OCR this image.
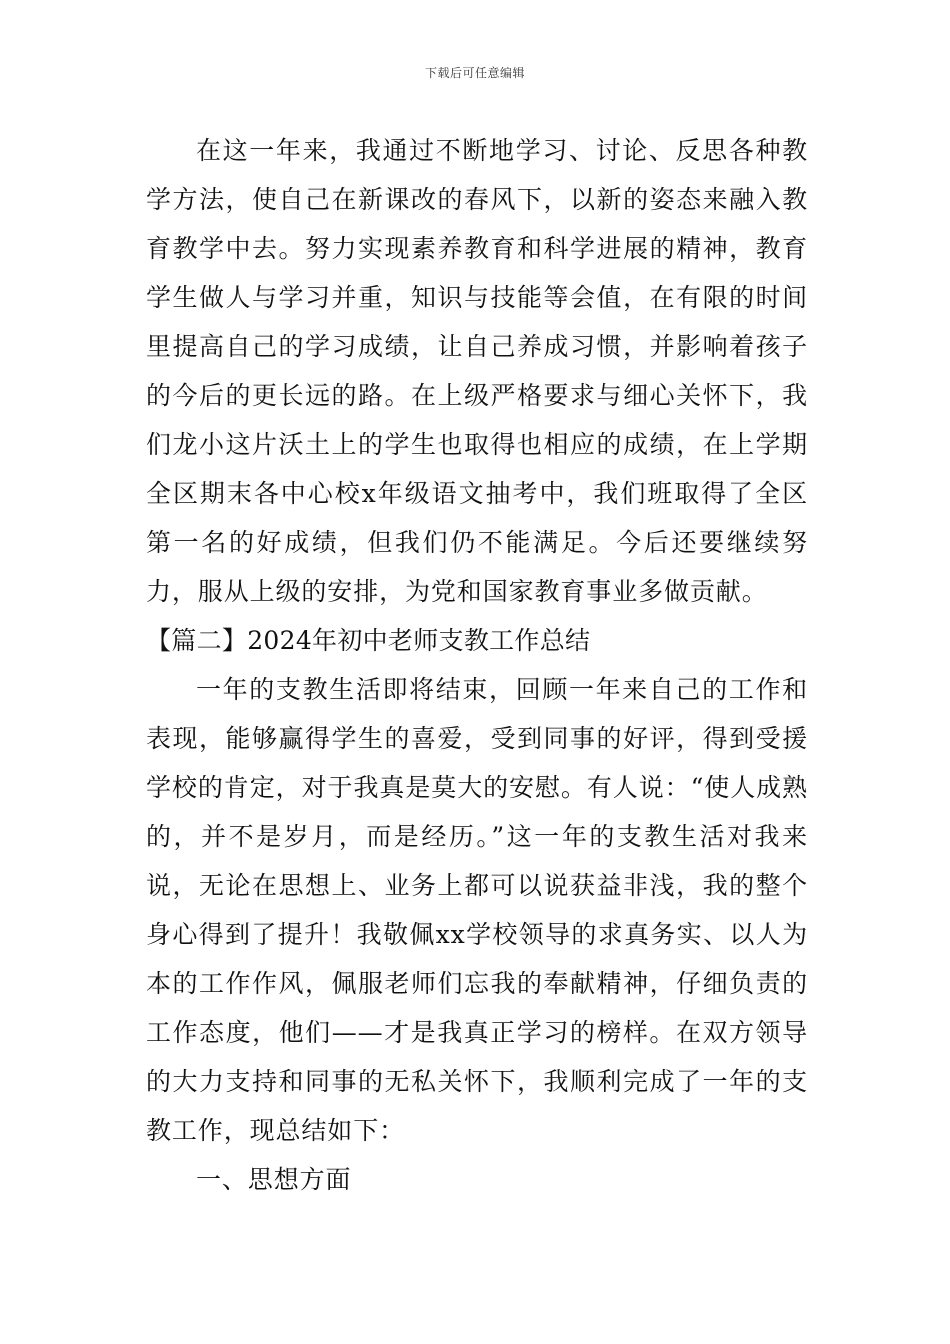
下载后可任意编辑

在这一年来，我通过不断地学习、讨论、反思各种教学方法，使自己在新课改的春风下，以新的姿态来融入教育教学中去。努力实现素养教育和科学进展的精神，教育学生做人与学习并重，知识与技能等会值，在有限的时间里提高自己的学习成绩，让自己养成习惯，并影响着孩子的今后的更长远的路。在上级严格要求与细心关怀下，我们龙小这片沃土上的学生也取得也相应的成绩，在上学期全区期末各中心校x年级语文抽考中，我们班取得了全区第一名的好成绩，但我们仍不能满足。今后还要继续努力，服从上级的安排，为党和国家教育事业多做贡献。

【篇二】2024年初中老师支教工作总结

一年的支教生活即将结束，回顾一年来自己的工作和表现，能够赢得学生的喜爱，受到同事的好评，得到受援学校的肯定，对于我真是莫大的安慰。有人说：“使人成熟的，并不是岁月，而是经历。”这一年的支教生活对我来说，无论在思想上、业务上都可以说获益非浅，我的整个身心得到了提升！我敬佩xx学校领导的求真务实、以人为本的工作作风，佩服老师们忘我的奉献精神，仔细负责的工作态度，他们——才是我真正学习的榜样。在双方领导的大力支持和同事的无私关怀下，我顺利完成了一年的支教工作，现总结如下：

一、思想方面
